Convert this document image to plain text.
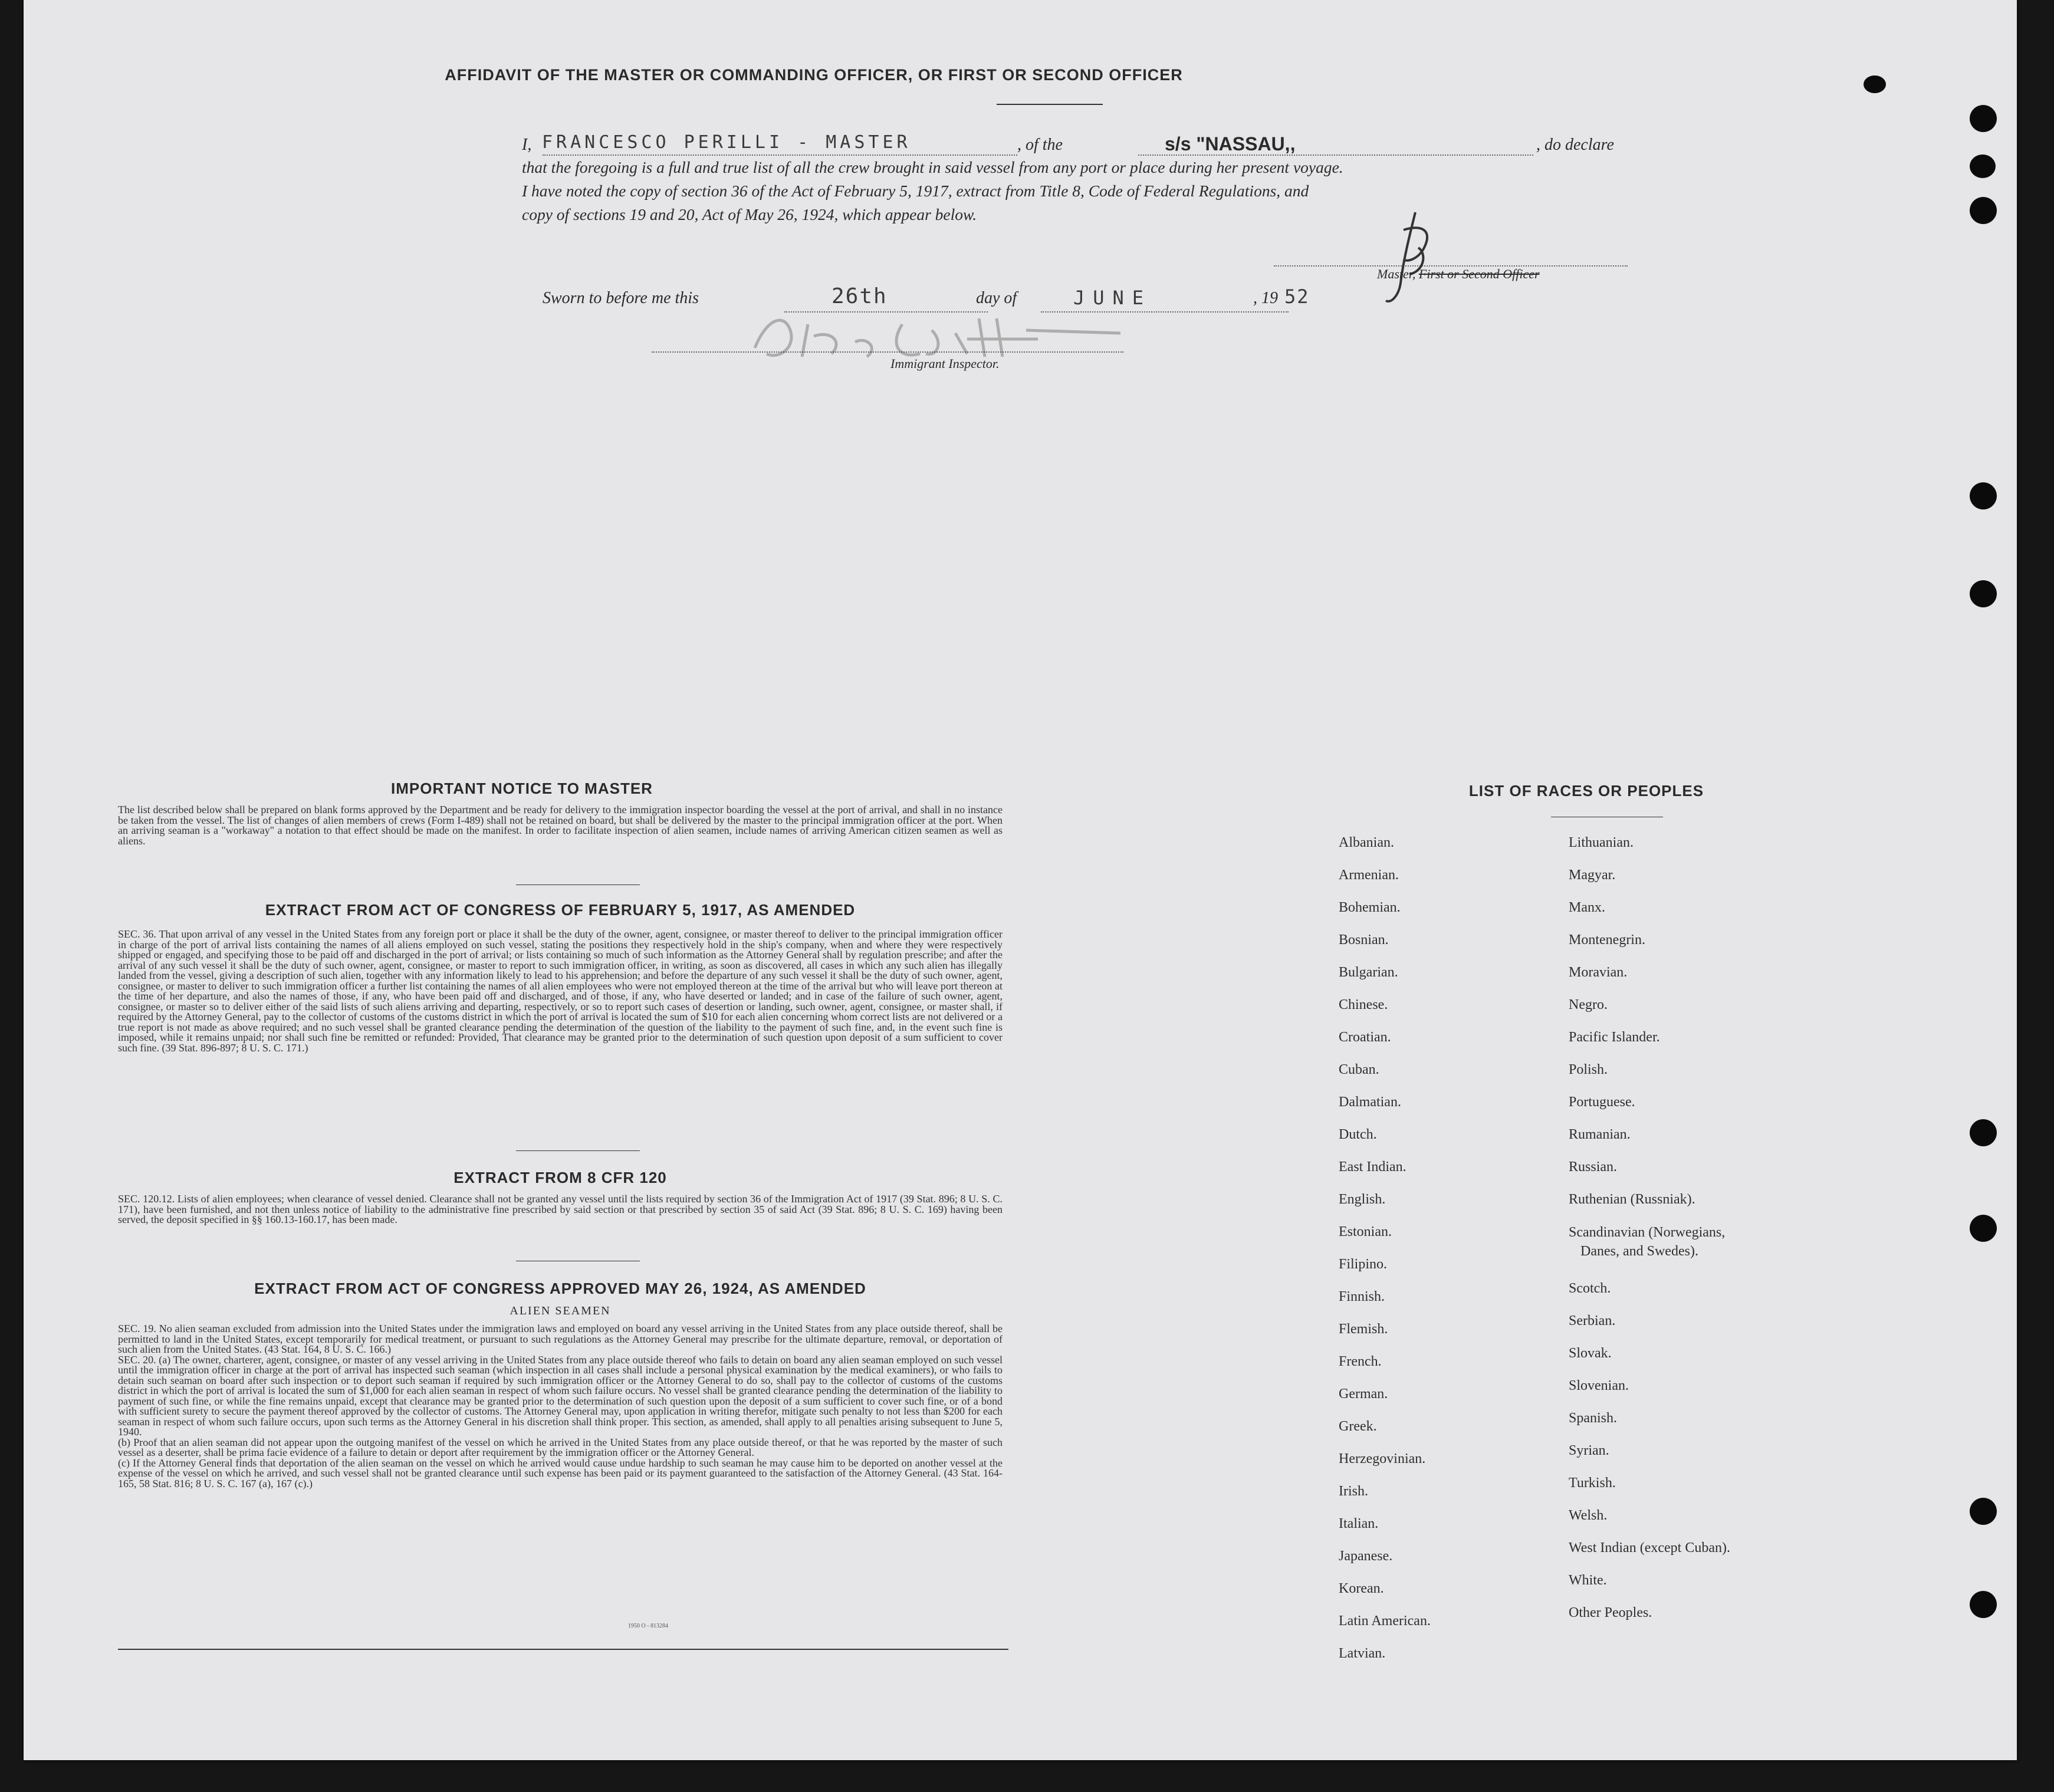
AFFIDAVIT OF THE MASTER OR COMMANDING OFFICER, OR FIRST OR SECOND OFFICER
I, FRANCESCO PERILLI - MASTER	, of the	s/s "NASSAU,,	, do declare
that the foregoing is a full and true list of all the crew brought in said vessel from any port or place during her present voyage.
I have noted the copy of section 36 of the Act of February 5, 1917, extract from Title 8, Code of Federal Regulations, and
copy of sections 19 and 20, Act of May 26, 1924, which appear below.
Sworn to before me this	26th	day of	JUNE	, 19 52
Master, First or Second Officer
Immigrant Inspector.
IMPORTANT NOTICE TO MASTER
The list described below shall be prepared on blank forms approved by the Department and be ready for delivery to the immigration inspector boarding the vessel at the port of arrival, and shall in no instance be taken from the vessel. The list of changes of alien members of crews (Form I-489) shall not be retained on board, but shall be delivered by the master to the principal immigration officer at the port. When an arriving seaman is a "workaway" a notation to that effect should be made on the manifest. In order to facilitate inspection of alien seamen, include names of arriving American citizen seamen as well as aliens.
EXTRACT FROM ACT OF CONGRESS OF FEBRUARY 5, 1917, AS AMENDED
SEC. 36. That upon arrival of any vessel in the United States from any foreign port or place it shall be the duty of the owner, agent, consignee, or master thereof to deliver to the principal immigration officer in charge of the port of arrival lists containing the names of all aliens employed on such vessel, stating the positions they respectively hold in the ship's company, when and where they were respectively shipped or engaged, and specifying those to be paid off and discharged in the port of arrival; or lists containing so much of such information as the Attorney General shall by regulation prescribe; and after the arrival of any such vessel it shall be the duty of such owner, agent, consignee, or master to report to such immigration officer, in writing, as soon as discovered, all cases in which any such alien has illegally landed from the vessel, giving a description of such alien, together with any information likely to lead to his apprehension; and before the departure of any such vessel it shall be the duty of such owner, agent, consignee, or master to deliver to such immigration officer a further list containing the names of all alien employees who were not employed thereon at the time of the arrival but who will leave port thereon at the time of her departure, and also the names of those, if any, who have been paid off and discharged, and of those, if any, who have deserted or landed; and in case of the failure of such owner, agent, consignee, or master so to deliver either of the said lists of such aliens arriving and departing, respectively, or so to report such cases of desertion or landing, such owner, agent, consignee, or master shall, if required by the Attorney General, pay to the collector of customs of the customs district in which the port of arrival is located the sum of $10 for each alien concerning whom correct lists are not delivered or a true report is not made as above required; and no such vessel shall be granted clearance pending the determination of the question of the liability to the payment of such fine, and, in the event such fine is imposed, while it remains unpaid; nor shall such fine be remitted or refunded: Provided, That clearance may be granted prior to the determination of such question upon deposit of a sum sufficient to cover such fine. (39 Stat. 896-897; 8 U. S. C. 171.)
EXTRACT FROM 8 CFR 120
SEC. 120.12. Lists of alien employees; when clearance of vessel denied. Clearance shall not be granted any vessel until the lists required by section 36 of the Immigration Act of 1917 (39 Stat. 896; 8 U. S. C. 171), have been furnished, and not then unless notice of liability to the administrative fine prescribed by said section or that prescribed by section 35 of said Act (39 Stat. 896; 8 U. S. C. 169) having been served, the deposit specified in §§ 160.13-160.17, has been made.
EXTRACT FROM ACT OF CONGRESS APPROVED MAY 26, 1924, AS AMENDED
ALIEN SEAMEN
SEC. 19. No alien seaman excluded from admission into the United States under the immigration laws and employed on board any vessel arriving in the United States from any place outside thereof, shall be permitted to land in the United States, except temporarily for medical treatment, or pursuant to such regulations as the Attorney General may prescribe for the ultimate departure, removal, or deportation of such alien from the United States. (43 Stat. 164, 8 U. S. C. 166.)
SEC. 20. (a) The owner, charterer, agent, consignee, or master of any vessel arriving in the United States from any place outside thereof who fails to detain on board any alien seaman employed on such vessel until the immigration officer in charge at the port of arrival has inspected such seaman (which inspection in all cases shall include a personal physical examination by the medical examiners), or who fails to detain such seaman on board after such inspection or to deport such seaman if required by such immigration officer or the Attorney General to do so, shall pay to the collector of customs of the customs district in which the port of arrival is located the sum of $1,000 for each alien seaman in respect of whom such failure occurs. No vessel shall be granted clearance pending the determination of the liability to payment of such fine, or while the fine remains unpaid, except that clearance may be granted prior to the determination of such question upon the deposit of a sum sufficient to cover such fine, or of a bond with sufficient surety to secure the payment thereof approved by the collector of customs. The Attorney General may, upon application in writing therefor, mitigate such penalty to not less than $200 for each seaman in respect of whom such failure occurs, upon such terms as the Attorney General in his discretion shall think proper. This section, as amended, shall apply to all penalties arising subsequent to June 5, 1940.
(b) Proof that an alien seaman did not appear upon the outgoing manifest of the vessel on which he arrived in the United States from any place outside thereof, or that he was reported by the master of such vessel as a deserter, shall be prima facie evidence of a failure to detain or deport after requirement by the immigration officer or the Attorney General.
(c) If the Attorney General finds that deportation of the alien seaman on the vessel on which he arrived would cause undue hardship to such seaman he may cause him to be deported on another vessel at the expense of the vessel on which he arrived, and such vessel shall not be granted clearance until such expense has been paid or its payment guaranteed to the satisfaction of the Attorney General. (43 Stat. 164-165, 58 Stat. 816; 8 U. S. C. 167 (a), 167 (c).)
1950 O - 813284
LIST OF RACES OR PEOPLES
Albanian.
Armenian.
Bohemian.
Bosnian.
Bulgarian.
Chinese.
Croatian.
Cuban.
Dalmatian.
Dutch.
East Indian.
English.
Estonian.
Filipino.
Finnish.
Flemish.
French.
German.
Greek.
Herzegovinian.
Irish.
Italian.
Japanese.
Korean.
Latin American.
Latvian.
Lithuanian.
Magyar.
Manx.
Montenegrin.
Moravian.
Negro.
Pacific Islander.
Polish.
Portuguese.
Rumanian.
Russian.
Ruthenian (Russniak).
Scandinavian (Norwegians,
Danes, and Swedes).
Scotch.
Serbian.
Slovak.
Slovenian.
Spanish.
Syrian.
Turkish.
Welsh.
West Indian (except Cuban).
White.
Other Peoples.
